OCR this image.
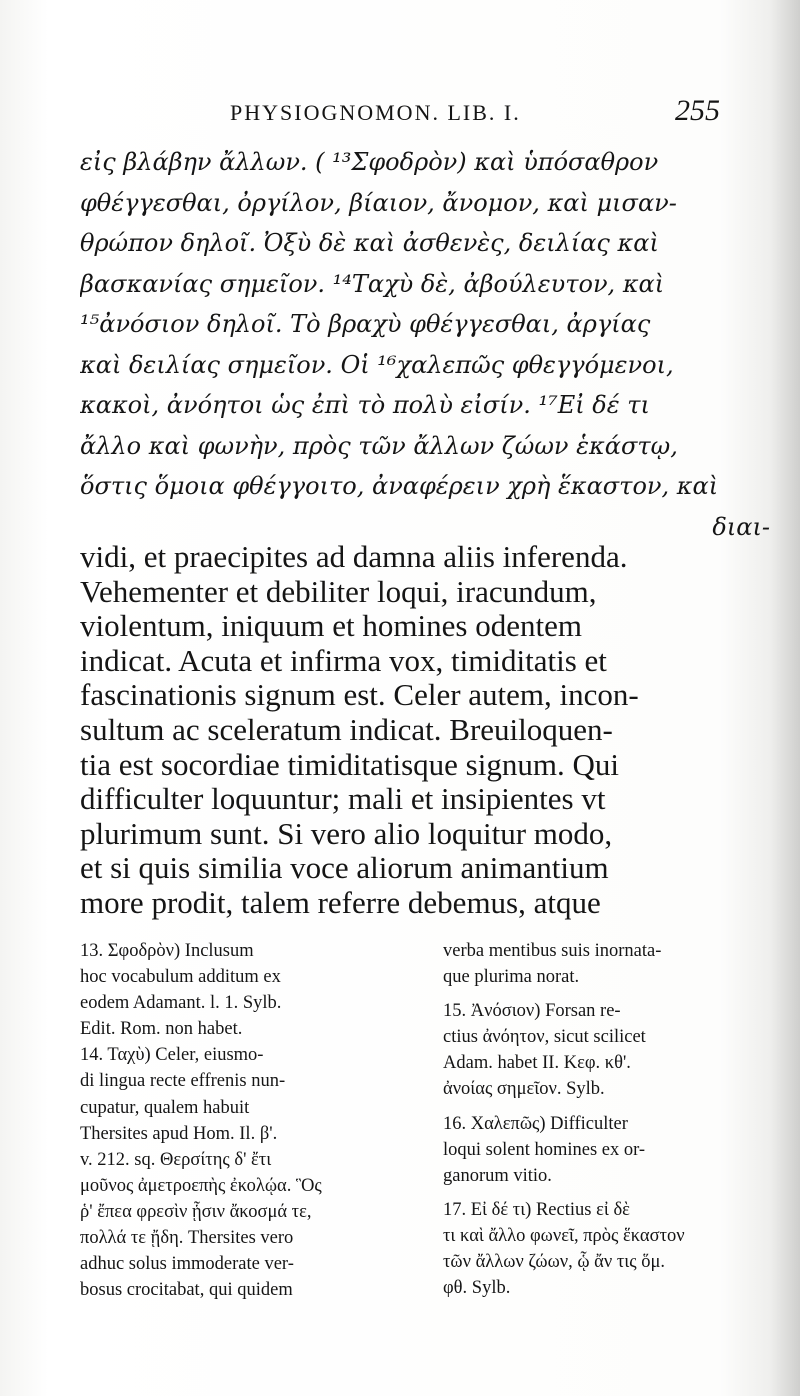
PHYSIOGNOMON. LIB. I.	255
εἰς βλάβην ἄλλων. ( ¹³Σφοδρὸν) καὶ ὑπόσαθρον
φθέγγεσθαι, ὀργίλον, βίαιον, ἄνομον, καὶ μισαν-
θρώπον δηλοῖ. Ὀξὺ δὲ καὶ ἀσθενὲς, δειλίας καὶ
βασκανίας σημεῖον. ¹⁴Ταχὺ δὲ, ἀβούλευτον, καὶ
¹⁵ἀνόσιον δηλοῖ. Τὸ βραχὺ φθέγγεσθαι, ἀργίας
καὶ δειλίας σημεῖον. Οἱ ¹⁶χαλεπῶς φθεγγόμενοι,
κακοὶ, ἀνόητοι ὡς ἐπὶ τὸ πολὺ εἰσίν. ¹⁷Εἰ δέ τι
ἄλλο καὶ φωνὴν, πρὸς τῶν ἄλλων ζώων ἑκάστῳ,
ὅστις ὅμοια φθέγγοιτο, ἀναφέρειν χρὴ ἕκαστον, καὶ
διαι-
vidi, et praecipites ad damna aliis inferenda.
Vehementer et debiliter loqui, iracundum,
violentum, iniquum et homines odentem
indicat. Acuta et infirma vox, timiditatis et
fascinationis signum est. Celer autem, incon-
sultum ac sceleratum indicat. Breuiloquen-
tia est socordiae timiditatisque signum. Qui
difficulter loquuntur; mali et insipientes vt
plurimum sunt. Si vero alio loquitur modo,
et si quis similia voce aliorum animantium
more prodit, talem referre debemus, atque
13. Σφοδρὸν) Inclusum
hoc vocabulum additum ex
eodem Adamant. l. 1. Sylb.
Edit. Rom. non habet.
14. Ταχὺ) Celer, eiusmo-
di lingua recte effrenis nun-
cupatur, qualem habuit
Thersites apud Hom. Il. β'.
v. 212. sq. Θερσίτης δ' ἔτι
μοῦνος ἀμετροεπὴς ἐκολῴα. Ὃς
ῥ' ἔπεα φρεσὶν ᾗσιν ἄκοσμά τε,
πολλά τε ᾔδη. Thersites vero
adhuc solus immoderate ver-
bosus crocitabat, qui quidem
verba mentibus suis inornata-
que plurima norat.
15. Ἀνόσιον) Forsan re-
ctius ἀνόητον, sicut scilicet
Adam. habet II. Κεφ. κθ'.
ἀνοίας σημεῖον. Sylb.
16. Χαλεπῶς) Difficulter
loqui solent homines ex or-
ganorum vitio.
17. Εἰ δέ τι) Rectius εἰ δὲ
τι καὶ ἄλλο φωνεῖ, πρὸς ἕκαστον
τῶν ἄλλων ζώων, ᾧ ἄν τις ὅμ.
φθ. Sylb.
